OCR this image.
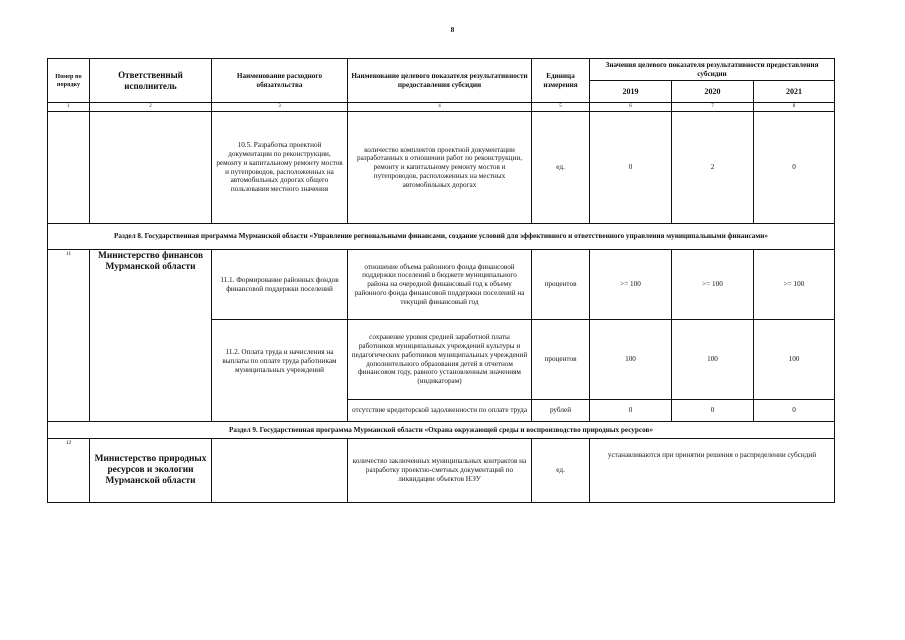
8
Номер по порядку	Ответственный исполнитель	Наименование расходного обязательства	Наименование целевого показателя результативности предоставления субсидии	Единица измерения	Значения целевого показателя результативности предоставления субсидии		
					2019	2020	2021
1	2	3	4	5	6	7	8
		10.5. Разработка проектной документации по реконструкции, ремонту и капитальному ремонту мостов и путепроводов, расположенных на автомобильных дорогах общего пользования местного значения	количество комплектов проектной документации разработанных в отношении работ по реконструкции, ремонту и капитальному ремонту мостов и путепроводов, расположенных на местных автомобильных дорогах	ед.	0	2	0
Раздел 8. Государственная программа Мурманской области «Управление региональными финансами, создание условий для эффективного и ответственного управления муниципальными финансами»							
11	Министерство финансов Мурманской области	11.1. Формирование районных фондов финансовой поддержки поселений	отношение объема районного фонда финансовой поддержки поселений в бюджете муниципального района на очередной финансовый год к объему районного фонда финансовой поддержки поселений на текущий финансовый год	процентов	>= 100	>= 100	>= 100
		11.2. Оплата труда и начисления на выплаты по оплате труда работникам муниципальных учреждений	сохранение уровня средней заработной платы работников муниципальных учреждений культуры и педагогических работников муниципальных учреждений дополнительного образования детей в отчетном финансовом году, равного установленным значениям (индикаторам)	процентов	100	100	100
			отсутствие кредиторской задолженности по оплате труда	рублей	0	0	0
Раздел 9. Государственная программа Мурманской области «Охрана окружающей среды и воспроизводство природных ресурсов»							
12	Министерство природных ресурсов и экологии Мурманской области		количество заключенных муниципальных контрактов на разработку проектно-сметных документаций по ликвидации объектов НЭУ	ед.	устанавливаются при принятии решения о распределении субсидий		
